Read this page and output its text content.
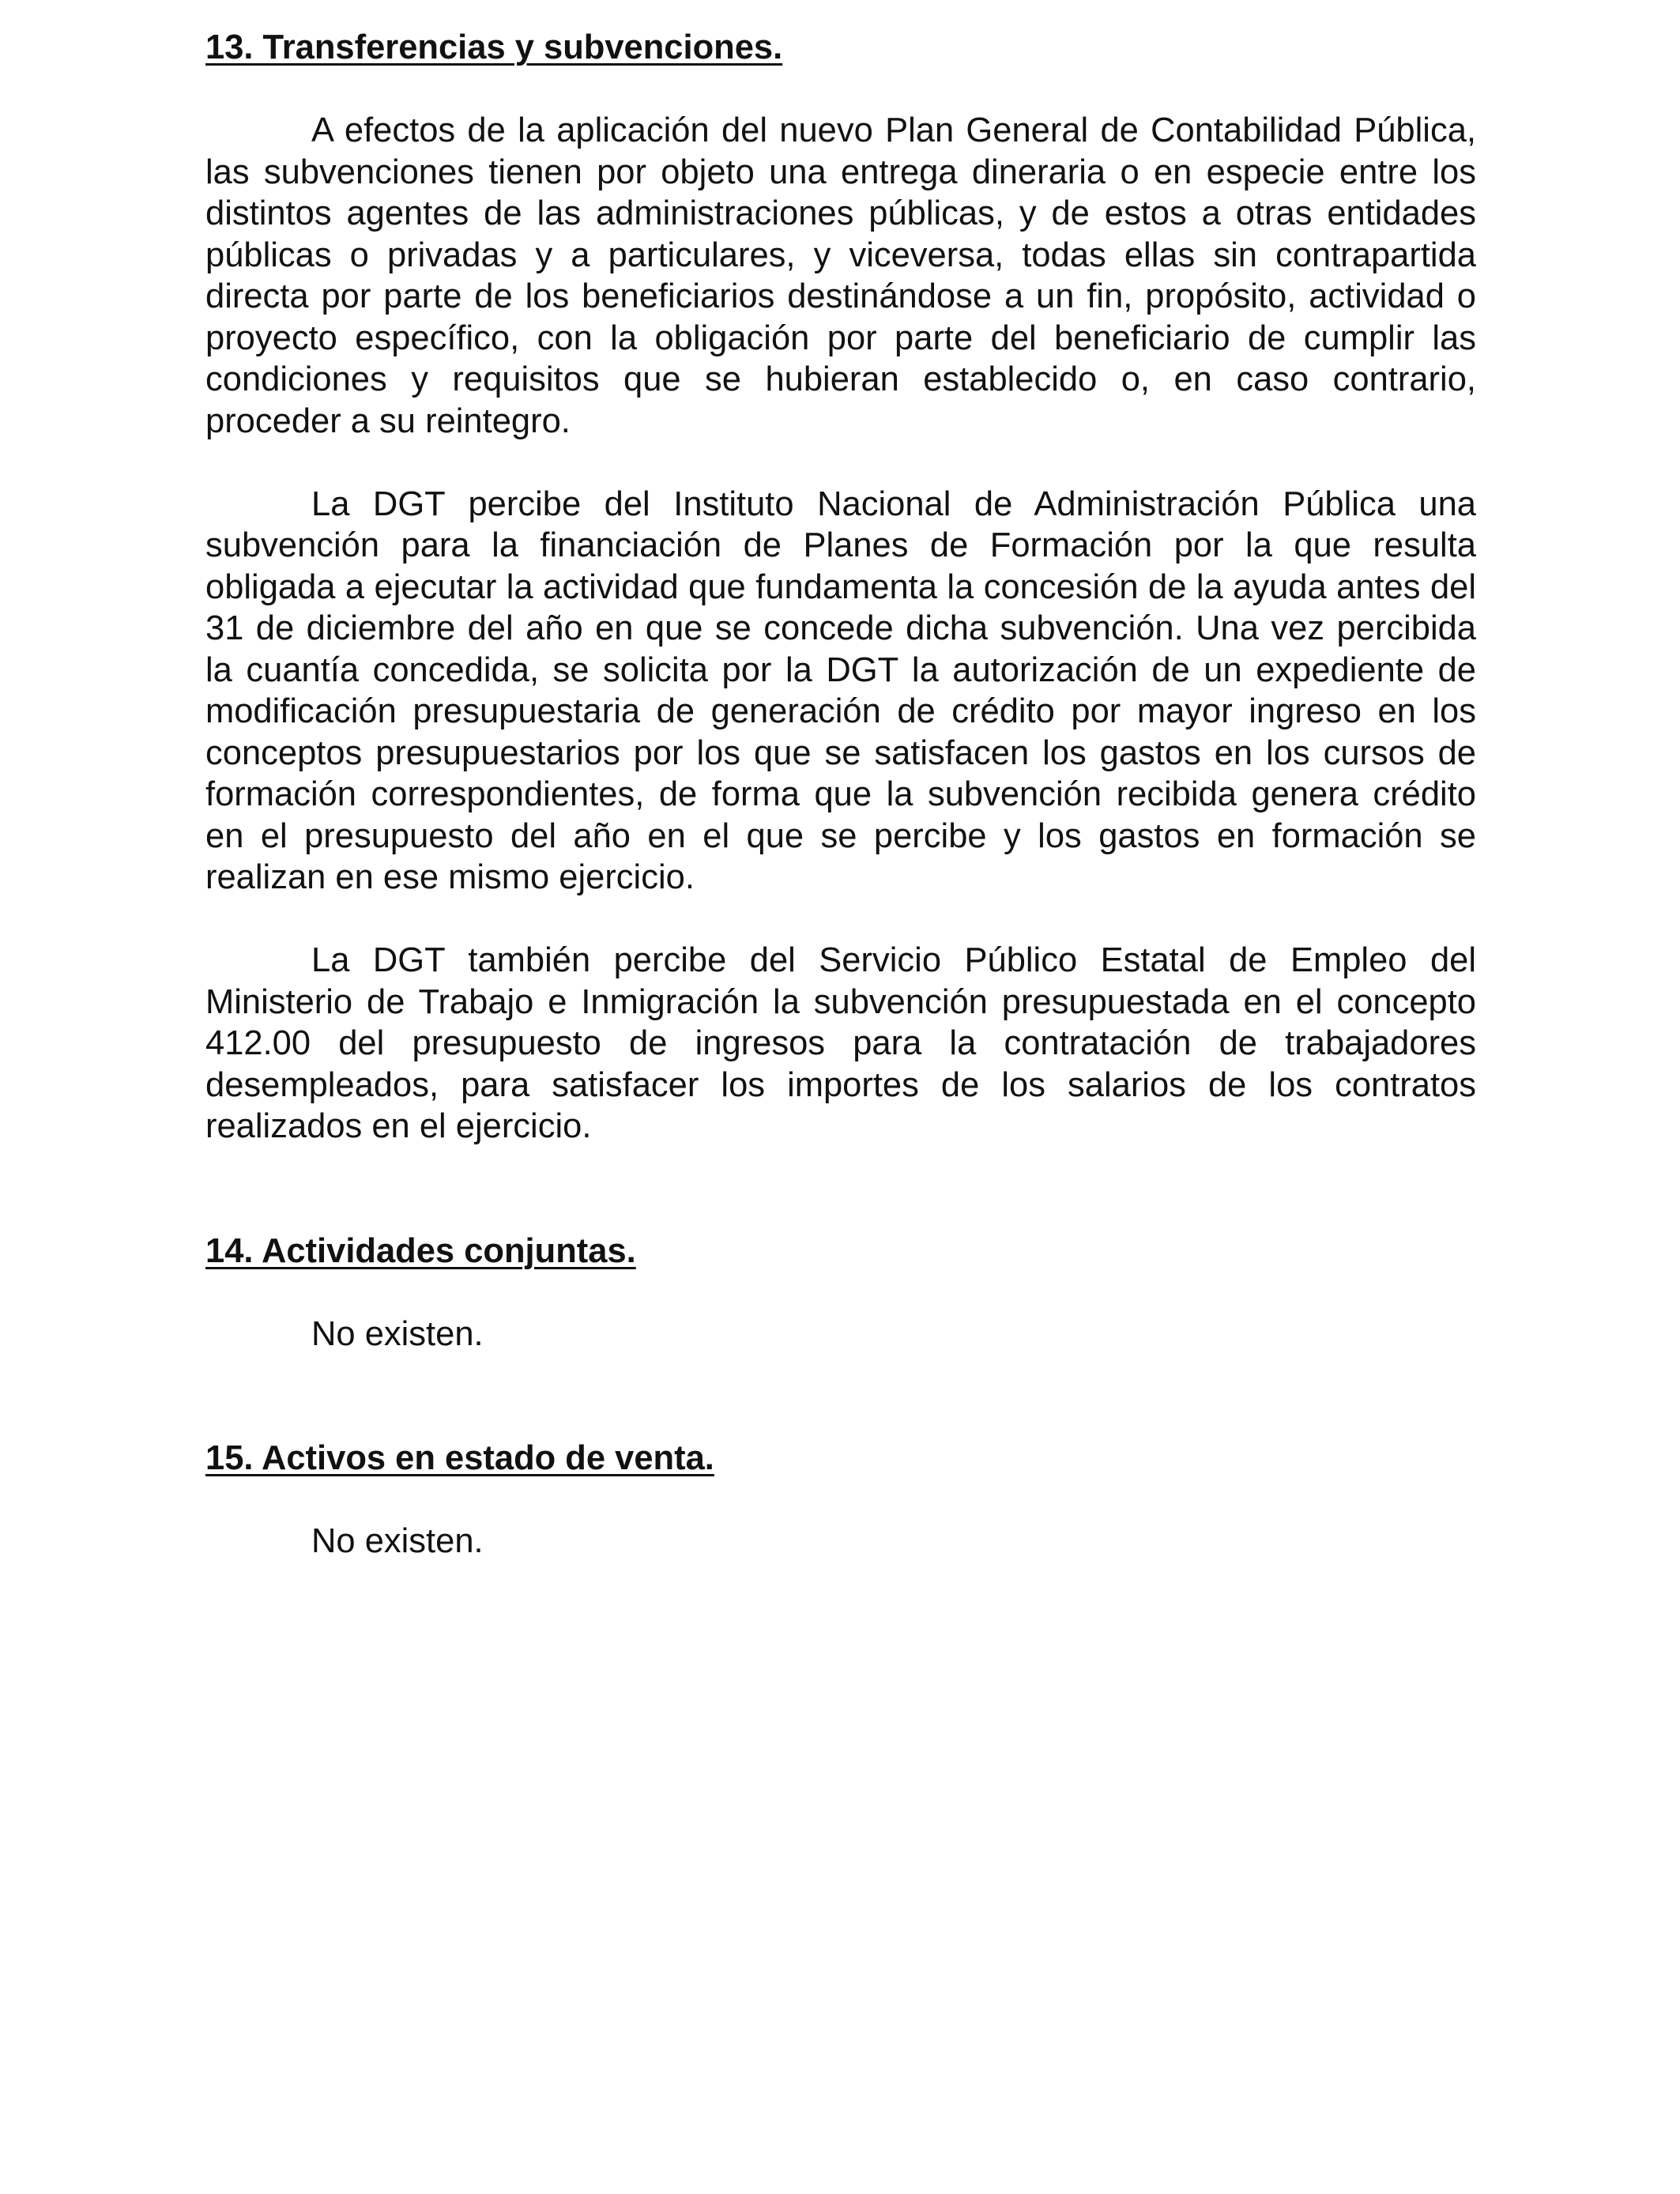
13. Transferencias y subvenciones.

A efectos de la aplicación del nuevo Plan General de Contabilidad Pública, las subvenciones tienen por objeto una entrega dineraria o en especie entre los distintos agentes de las administraciones públicas, y de estos a otras entidades públicas o privadas y a particulares, y viceversa, todas ellas sin contrapartida directa por parte de los beneficiarios destinándose a un fin, propósito, actividad o proyecto específico, con la obligación por parte del beneficiario de cumplir las condiciones y requisitos que se hubieran establecido o, en caso contrario, proceder a su reintegro.

La DGT percibe del Instituto Nacional de Administración Pública una subvención para la financiación de Planes de Formación por la que resulta obligada a ejecutar la actividad que fundamenta la concesión de la ayuda antes del 31 de diciembre del año en que se concede dicha subvención. Una vez percibida la cuantía concedida, se solicita por la DGT la autorización de un expediente de modificación presupuestaria de generación de crédito por mayor ingreso en los conceptos presupuestarios por los que se satisfacen los gastos en los cursos de formación correspondientes, de forma que la subvención recibida genera crédito en el presupuesto del año en el que se percibe y los gastos en formación se realizan en ese mismo ejercicio.

La DGT también percibe del Servicio Público Estatal de Empleo del Ministerio de Trabajo e Inmigración la subvención presupuestada en el concepto 412.00 del presupuesto de ingresos para la contratación de trabajadores desempleados, para satisfacer los importes de los salarios de los contratos realizados en el ejercicio.

14. Actividades conjuntas.

No existen.

15. Activos en estado de venta.

No existen.
